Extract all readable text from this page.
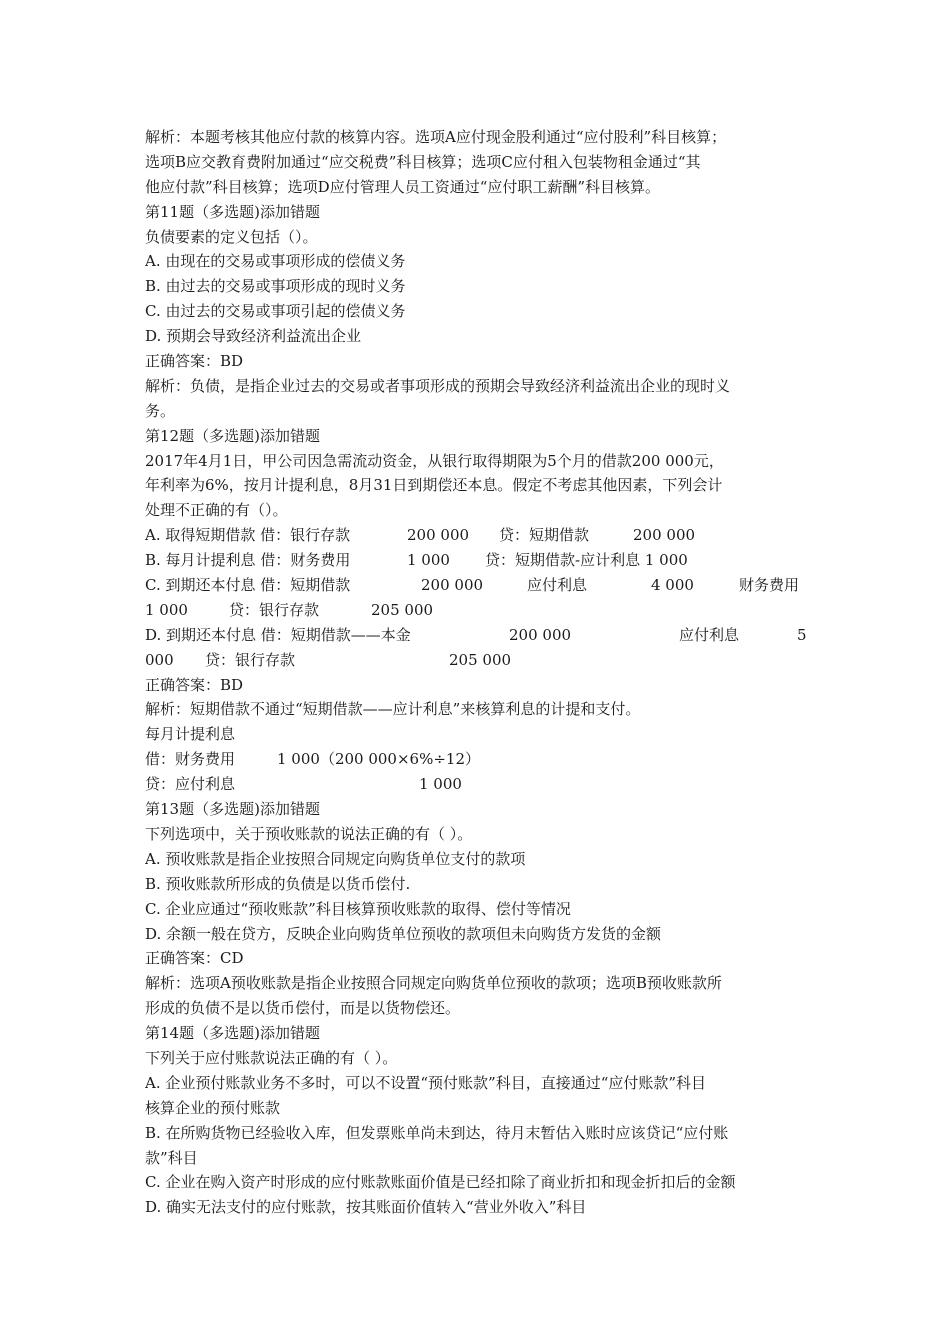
解析：本题考核其他应付款的核算内容。选项A应付现金股利通过“应付股利”科目核算；
选项B应交教育费附加通过“应交税费”科目核算；选项C应付租入包装物租金通过“其
他应付款”科目核算；选项D应付管理人员工资通过“应付职工薪酬”科目核算。
第11题（多选题)添加错题
负债要素的定义包括（）。
A. 由现在的交易或事项形成的偿债义务
B. 由过去的交易或事项形成的现时义务
C. 由过去的交易或事项引起的偿债义务
D. 预期会导致经济利益流出企业
正确答案：BD
解析：负债，是指企业过去的交易或者事项形成的预期会导致经济利益流出企业的现时义
务。
第12题（多选题)添加错题
2017年4月1日，甲公司因急需流动资金，从银行取得期限为5个月的借款200 000元，
年利率为6%，按月计提利息，8月31日到期偿还本息。假定不考虑其他因素，下列会计
处理不正确的有（）。
A. 取得短期借款 借：银行存款	200 000 贷：短期借款	200 000
B. 每月计提利息 借：财务费用	1 000 贷：短期借款-应计利息 1 000
C. 到期还本付息 借：短期借款	200 000	应付利息	4 000	财务费用
1 000	贷：银行存款	205 000
D. 到期还本付息 借：短期借款——本金	200 000	应付利息	5
000 贷：银行存款	205 000
正确答案：BD
解析：短期借款不通过“短期借款——应计利息”来核算利息的计提和支付。
每月计提利息
借：财务费用	1 000（200 000×6%÷12）
贷：应付利息	1 000
第13题（多选题)添加错题
下列选项中，关于预收账款的说法正确的有（ ）。
A. 预收账款是指企业按照合同规定向购货单位支付的款项
B. 预收账款所形成的负债是以货币偿付.
C. 企业应通过“预收账款”科目核算预收账款的取得、偿付等情况
D. 余额一般在贷方，反映企业向购货单位预收的款项但未向购货方发货的金额
正确答案：CD
解析：选项A预收账款是指企业按照合同规定向购货单位预收的款项；选项B预收账款所
形成的负债不是以货币偿付，而是以货物偿还。
第14题（多选题)添加错题
下列关于应付账款说法正确的有（ ）。
A. 企业预付账款业务不多时，可以不设置“预付账款”科目，直接通过“应付账款”科目
核算企业的预付账款
B. 在所购货物已经验收入库，但发票账单尚未到达，待月末暂估入账时应该贷记“应付账
款”科目
C. 企业在购入资产时形成的应付账款账面价值是已经扣除了商业折扣和现金折扣后的金额
D. 确实无法支付的应付账款，按其账面价值转入“营业外收入”科目
